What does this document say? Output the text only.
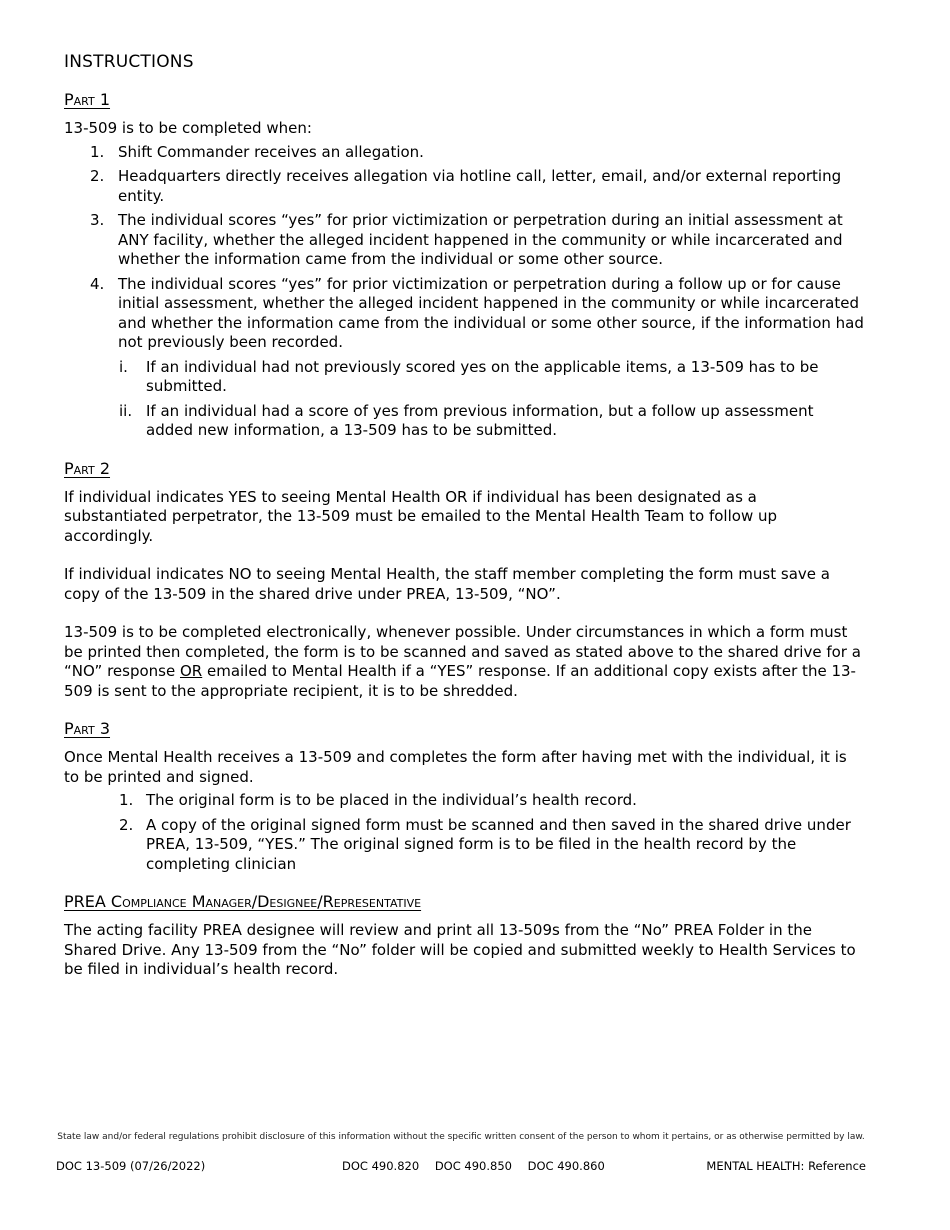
INSTRUCTIONS
Part 1

13-509 is to be completed when:

1. Shift Commander receives an allegation.
2. Headquarters directly receives allegation via hotline call, letter, email, and/or external reporting entity.
3. The individual scores “yes” for prior victimization or perpetration during an initial assessment at ANY facility, whether the alleged incident happened in the community or while incarcerated and whether the information came from the individual or some other source.
4. The individual scores “yes” for prior victimization or perpetration during a follow up or for cause initial assessment, whether the alleged incident happened in the community or while incarcerated and whether the information came from the individual or some other source, if the information had not previously been recorded.
i. If an individual had not previously scored yes on the applicable items, a 13-509 has to be submitted.
ii. If an individual had a score of yes from previous information, but a follow up assessment added new information, a 13-509 has to be submitted.
Part 2

If individual indicates YES to seeing Mental Health OR if individual has been designated as a substantiated perpetrator, the 13-509 must be emailed to the Mental Health Team to follow up accordingly.

If individual indicates NO to seeing Mental Health, the staff member completing the form must save a copy of the 13-509 in the shared drive under PREA, 13-509, “NO”.

13-509 is to be completed electronically, whenever possible. Under circumstances in which a form must be printed then completed, the form is to be scanned and saved as stated above to the shared drive for a “NO” response OR emailed to Mental Health if a “YES” response. If an additional copy exists after the 13-509 is sent to the appropriate recipient, it is to be shredded.

Part 3

Once Mental Health receives a 13-509 and completes the form after having met with the individual, it is to be printed and signed.

1. The original form is to be placed in the individual’s health record.
2. A copy of the original signed form must be scanned and then saved in the shared drive under PREA, 13-509, “YES.” The original signed form is to be filed in the health record by the completing clinician
PREA Compliance Manager/Designee/Representative

The acting facility PREA designee will review and print all 13-509s from the “No” PREA Folder in the Shared Drive. Any 13-509 from the “No” folder will be copied and submitted weekly to Health Services to be filed in individual’s health record.

State law and/or federal regulations prohibit disclosure of this information without the specific written consent of the person to whom it pertains, or as otherwise permitted by law.
DOC 13-509 (07/26/2022)	DOC 490.820 DOC 490.850 DOC 490.860	MENTAL HEALTH: Reference
